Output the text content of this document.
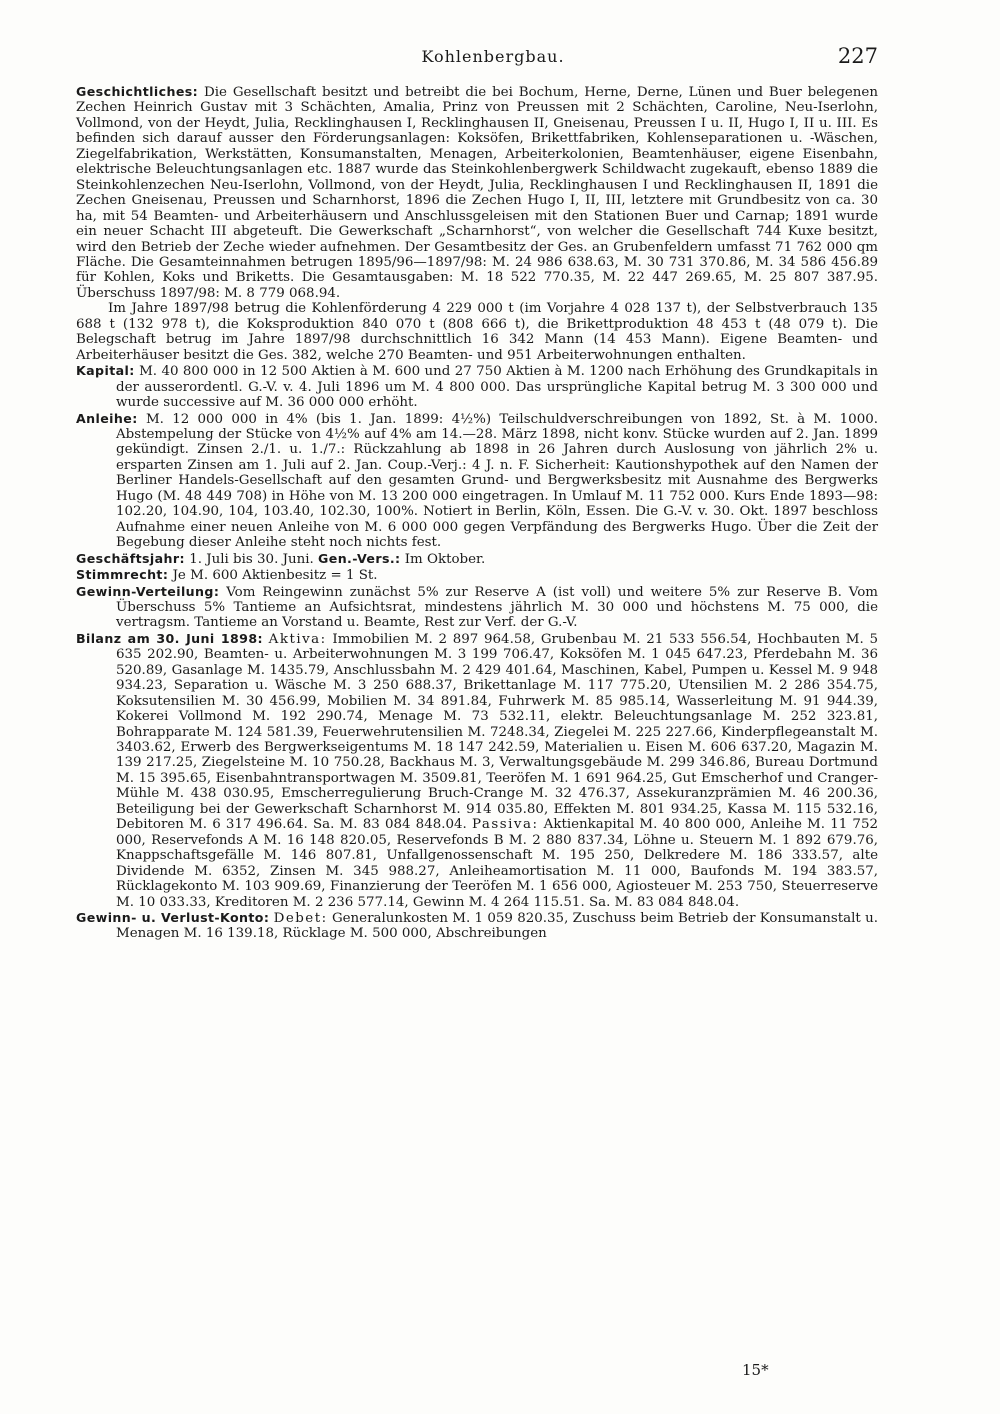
Kohlenbergbau.	227

Geschichtliches: Die Gesellschaft besitzt und betreibt die bei Bochum, Herne, Derne, Lünen und Buer belegenen Zechen Heinrich Gustav mit 3 Schächten, Amalia, Prinz von Preussen mit 2 Schächten, Caroline, Neu-Iserlohn, Vollmond, von der Heydt, Julia, Recklinghausen I, Recklinghausen II, Gneisenau, Preussen I u. II, Hugo I, II u. III. Es befinden sich darauf ausser den Förderungsanlagen: Koksöfen, Brikettfabriken, Kohlenseparationen u. -Wäschen, Ziegelfabrikation, Werkstätten, Konsumanstalten, Menagen, Arbeiterkolonien, Beamtenhäuser, eigene Eisenbahn, elektrische Beleuchtungsanlagen etc. 1887 wurde das Steinkohlenbergwerk Schildwacht zugekauft, ebenso 1889 die Steinkohlenzechen Neu-Iserlohn, Vollmond, von der Heydt, Julia, Recklinghausen I und Recklinghausen II, 1891 die Zechen Gneisenau, Preussen und Scharnhorst, 1896 die Zechen Hugo I, II, III, letztere mit Grundbesitz von ca. 30 ha, mit 54 Beamten- und Arbeiterhäusern und Anschlussgeleisen mit den Stationen Buer und Carnap; 1891 wurde ein neuer Schacht III abgeteuft. Die Gewerkschaft „Scharnhorst“, von welcher die Gesellschaft 744 Kuxe besitzt, wird den Betrieb der Zeche wieder aufnehmen. Der Gesamtbesitz der Ges. an Grubenfeldern umfasst 71 762 000 qm Fläche. Die Gesamteinnahmen betrugen 1895/96—1897/98: M. 24 986 638.63, M. 30 731 370.86, M. 34 586 456.89 für Kohlen, Koks und Briketts. Die Gesamtausgaben: M. 18 522 770.35, M. 22 447 269.65, M. 25 807 387.95. Überschuss 1897/98: M. 8 779 068.94.

Im Jahre 1897/98 betrug die Kohlenförderung 4 229 000 t (im Vorjahre 4 028 137 t), der Selbstverbrauch 135 688 t (132 978 t), die Koksproduktion 840 070 t (808 666 t), die Brikettproduktion 48 453 t (48 079 t). Die Belegschaft betrug im Jahre 1897/98 durchschnittlich 16 342 Mann (14 453 Mann). Eigene Beamten- und Arbeiterhäuser besitzt die Ges. 382, welche 270 Beamten- und 951 Arbeiterwohnungen enthalten.

Kapital: M. 40 800 000 in 12 500 Aktien à M. 600 und 27 750 Aktien à M. 1200 nach Erhöhung des Grundkapitals in der ausserordentl. G.-V. v. 4. Juli 1896 um M. 4 800 000. Das ursprüngliche Kapital betrug M. 3 300 000 und wurde successive auf M. 36 000 000 erhöht.

Anleihe: M. 12 000 000 in 4% (bis 1. Jan. 1899: 4½%) Teilschuldverschreibungen von 1892, St. à M. 1000. Abstempelung der Stücke von 4½% auf 4% am 14.—28. März 1898, nicht konv. Stücke wurden auf 2. Jan. 1899 gekündigt. Zinsen 2./1. u. 1./7.: Rückzahlung ab 1898 in 26 Jahren durch Auslosung von jährlich 2% u. ersparten Zinsen am 1. Juli auf 2. Jan. Coup.-Verj.: 4 J. n. F. Sicherheit: Kautionshypothek auf den Namen der Berliner Handels-Gesellschaft auf den gesamten Grund- und Bergwerksbesitz mit Ausnahme des Bergwerks Hugo (M. 48 449 708) in Höhe von M. 13 200 000 eingetragen. In Umlauf M. 11 752 000. Kurs Ende 1893—98: 102.20, 104.90, 104, 103.40, 102.30, 100%. Notiert in Berlin, Köln, Essen. Die G.-V. v. 30. Okt. 1897 beschloss Aufnahme einer neuen Anleihe von M. 6 000 000 gegen Verpfändung des Bergwerks Hugo. Über die Zeit der Begebung dieser Anleihe steht noch nichts fest.

Geschäftsjahr: 1. Juli bis 30. Juni. Gen.-Vers.: Im Oktober.

Stimmrecht: Je M. 600 Aktienbesitz = 1 St.

Gewinn-Verteilung: Vom Reingewinn zunächst 5% zur Reserve A (ist voll) und weitere 5% zur Reserve B. Vom Überschuss 5% Tantieme an Aufsichtsrat, mindestens jährlich M. 30 000 und höchstens M. 75 000, die vertragsm. Tantieme an Vorstand u. Beamte, Rest zur Verf. der G.-V.

Bilanz am 30. Juni 1898: Aktiva: Immobilien M. 2 897 964.58, Grubenbau M. 21 533 556.54, Hochbauten M. 5 635 202.90, Beamten- u. Arbeiterwohnungen M. 3 199 706.47, Koksöfen M. 1 045 647.23, Pferdebahn M. 36 520.89, Gasanlage M. 1435.79, Anschlussbahn M. 2 429 401.64, Maschinen, Kabel, Pumpen u. Kessel M. 9 948 934.23, Separation u. Wäsche M. 3 250 688.37, Brikettanlage M. 117 775.20, Utensilien M. 2 286 354.75, Koksutensilien M. 30 456.99, Mobilien M. 34 891.84, Fuhrwerk M. 85 985.14, Wasserleitung M. 91 944.39, Kokerei Vollmond M. 192 290.74, Menage M. 73 532.11, elektr. Beleuchtungsanlage M. 252 323.81, Bohrapparate M. 124 581.39, Feuerwehrutensilien M. 7248.34, Ziegelei M. 225 227.66, Kinderpflegeanstalt M. 3403.62, Erwerb des Bergwerkseigentums M. 18 147 242.59, Materialien u. Eisen M. 606 637.20, Magazin M. 139 217.25, Ziegelsteine M. 10 750.28, Backhaus M. 3, Verwaltungsgebäude M. 299 346.86, Bureau Dortmund M. 15 395.65, Eisenbahntransportwagen M. 3509.81, Teeröfen M. 1 691 964.25, Gut Emscherhof und Cranger-Mühle M. 438 030.95, Emscherregulierung Bruch-Crange M. 32 476.37, Assekuranzprämien M. 46 200.36, Beteiligung bei der Gewerkschaft Scharnhorst M. 914 035.80, Effekten M. 801 934.25, Kassa M. 115 532.16, Debitoren M. 6 317 496.64. Sa. M. 83 084 848.04. Passiva: Aktienkapital M. 40 800 000, Anleihe M. 11 752 000, Reservefonds A M. 16 148 820.05, Reservefonds B M. 2 880 837.34, Löhne u. Steuern M. 1 892 679.76, Knappschaftsgefälle M. 146 807.81, Unfallgenossenschaft M. 195 250, Delkredere M. 186 333.57, alte Dividende M. 6352, Zinsen M. 345 988.27, Anleiheamortisation M. 11 000, Baufonds M. 194 383.57, Rücklagekonto M. 103 909.69, Finanzierung der Teeröfen M. 1 656 000, Agiosteuer M. 253 750, Steuerreserve M. 10 033.33, Kreditoren M. 2 236 577.14, Gewinn M. 4 264 115.51. Sa. M. 83 084 848.04.

Gewinn- u. Verlust-Konto: Debet: Generalunkosten M. 1 059 820.35, Zuschuss beim Betrieb der Konsumanstalt u. Menagen M. 16 139.18, Rücklage M. 500 000, Abschreibungen

15*
